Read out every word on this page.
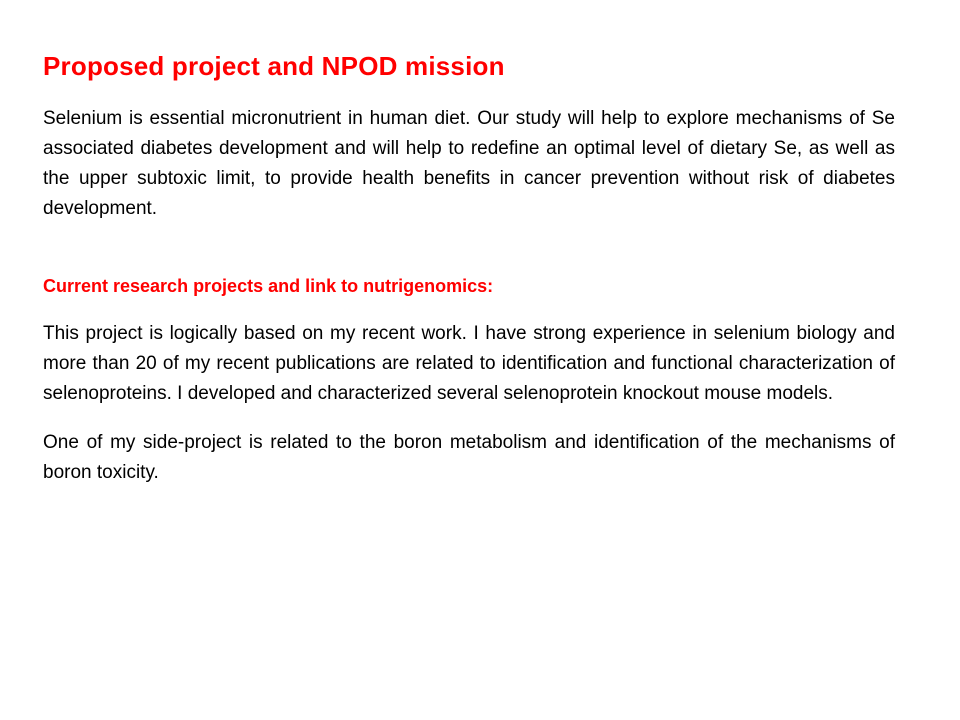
Proposed project and NPOD mission

Selenium is essential micronutrient in human diet. Our study will help to explore mechanisms of Se associated diabetes development and will help to redefine an optimal level of dietary Se, as well as the upper subtoxic limit, to provide health benefits in cancer prevention without risk of diabetes development.

Current research projects and link to nutrigenomics:

This project is logically based on my recent work. I have strong experience in selenium biology and more than 20 of my recent publications are related to identification and functional characterization of selenoproteins. I developed and characterized several selenoprotein knockout mouse models.

One of my side-project is related to the boron metabolism and identification of the mechanisms of boron toxicity.
